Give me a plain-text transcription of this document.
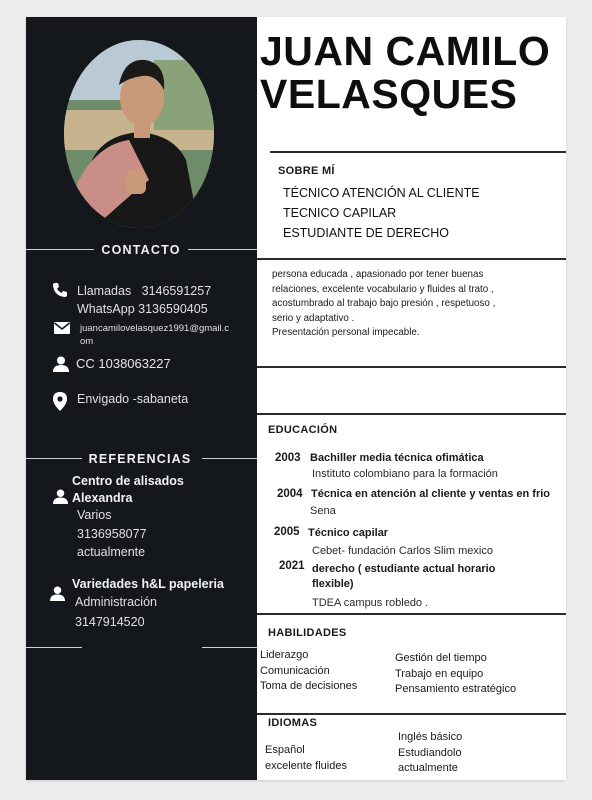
CONTACTO
Llamadas 3146591257
WhatsApp 3136590405
juancamilovelasquez1991@gmail.c
om
CC 1038063227
Envigado -sabaneta
REFERENCIAS
Centro de alisados
Alexandra
Varios
3136958077
actualmente
Variedades h&L papeleria
Administración
3147914520
JUAN CAMILO
VELASQUES
SOBRE MÍ
TÉCNICO ATENCIÓN AL CLIENTE
TECNICO CAPILAR
ESTUDIANTE DE DERECHO
persona educada , apasionado por tener buenas
relaciones, excelente vocabulario y fluides al trato ,
acostumbrado al trabajo bajo presión , respetuoso ,
serio y adaptativo .
Presentación personal impecable.
EDUCACIÓN
2003 Bachiller media técnica ofimática
Instituto colombiano para la formación
2004 Técnica en atención al cliente y ventas en frio
Sena
2005 Técnico capilar
Cebet- fundación Carlos Slim mexico
2021 derecho ( estudiante actual horario
flexible)
TDEA campus robledo .
HABILIDADES
Liderazgo
Comunicación
Toma de decisiones
Gestión del tiempo
Trabajo en equipo
Pensamiento estratégico
IDIOMAS
Español
excelente fluides
Inglés básico
Estudiandolo
actualmente
